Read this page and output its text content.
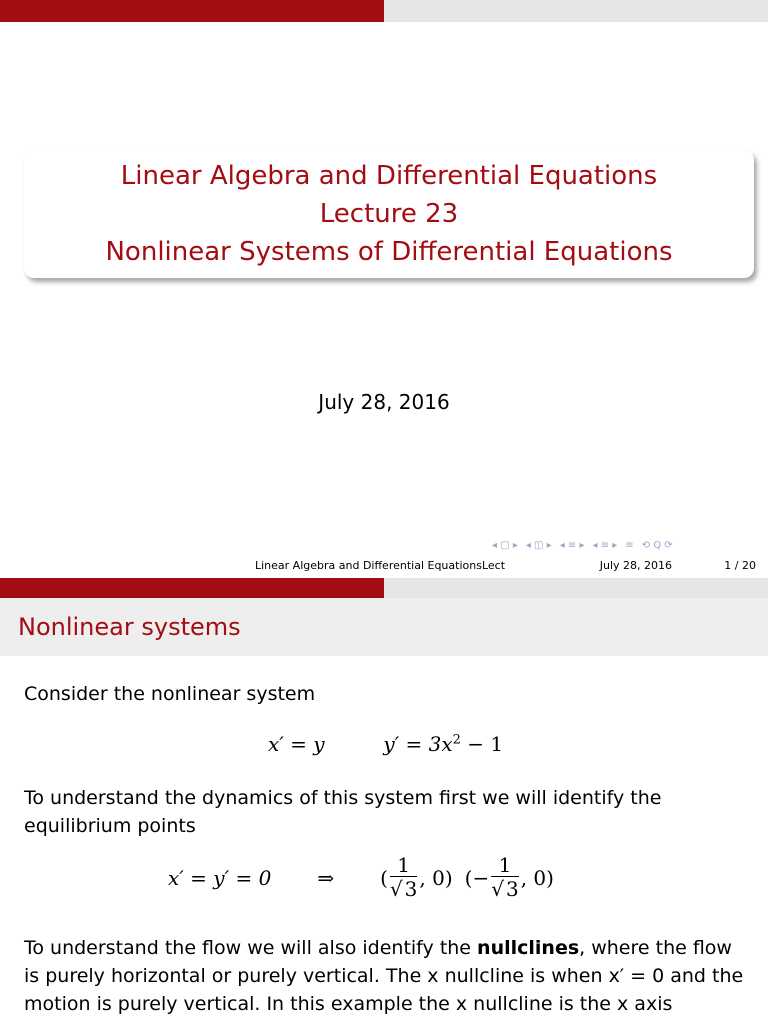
Linear Algebra and Differential Equations
Lecture 23
Nonlinear Systems of Differential Equations
July 28, 2016
◂ ▢ ▸ ◂ ◫ ▸ ◂ ≡ ▸ ◂ ≡ ▸ ≡ ⟲ Q ⟳
Linear Algebra and Differential EquationsLect	July 28, 2016	1 / 20
Nonlinear systems
Consider the nonlinear system
x′ = y	$y' = 3x^2 - 1$
To understand the dynamics of this system first we will identify the equilibrium points
x′ = y′ = 0 ⇒ ( $\frac{1}{√ 3}$ , 0) (− $\frac{1}{√ 3}$ , 0)
To understand the flow we will also identify the nullclines, where the flow is purely horizontal or purely vertical. The x nullcline is when x′ = 0 and the motion is purely vertical. In this example the x nullcline is the x axis
